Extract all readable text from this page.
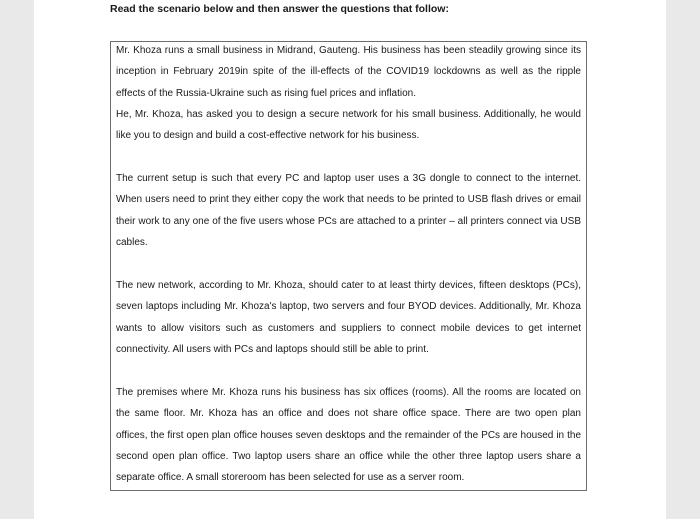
Read the scenario below and then answer the questions that follow:

Mr. Khoza runs a small business in Midrand, Gauteng. His business has been steadily growing since its inception in February 2019in spite of the ill-effects of the COVID19 lockdowns as well as the ripple effects of the Russia-Ukraine such as rising fuel prices and inflation.

He, Mr. Khoza, has asked you to design a secure network for his small business. Additionally, he would like you to design and build a cost-effective network for his business.

The current setup is such that every PC and laptop user uses a 3G dongle to connect to the internet. When users need to print they either copy the work that needs to be printed to USB flash drives or email their work to any one of the five users whose PCs are attached to a printer – all printers connect via USB cables.

The new network, according to Mr. Khoza, should cater to at least thirty devices, fifteen desktops (PCs), seven laptops including Mr. Khoza's laptop, two servers and four BYOD devices. Additionally, Mr. Khoza wants to allow visitors such as customers and suppliers to connect mobile devices to get internet connectivity. All users with PCs and laptops should still be able to print.

The premises where Mr. Khoza runs his business has six offices (rooms). All the rooms are located on the same floor. Mr. Khoza has an office and does not share office space. There are two open plan offices, the first open plan office houses seven desktops and the remainder of the PCs are housed in the second open plan office. Two laptop users share an office while the other three laptop users share a separate office. A small storeroom has been selected for use as a server room.
